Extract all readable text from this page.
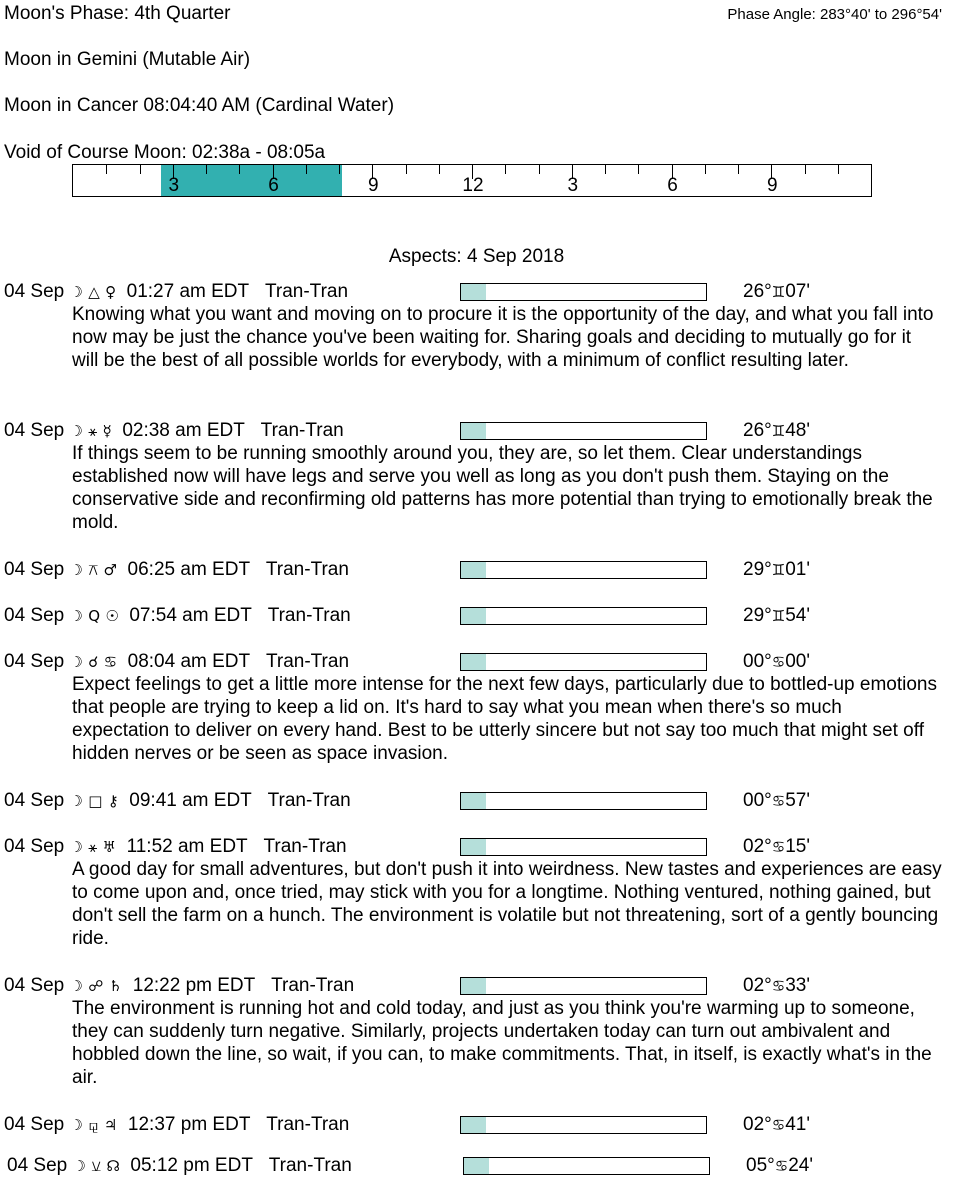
Moon's Phase: 4th Quarter	Phase Angle: 283°40' to 296°54'
Moon in Gemini (Mutable Air)
Moon in Cancer 08:04:40 AM (Cardinal Water)
Void of Course Moon: 02:38a - 08:05a
3	6	9	12	3	6	9
Aspects: 4 Sep 2018
04 Sep ☽ △ ♀ 01:27 am EDT Tran-Tran	26°♊07'
Knowing what you want and moving on to procure it is the opportunity of the day, and what you fall into now may be just the chance you've been waiting for. Sharing goals and deciding to mutually go for it will be the best of all possible worlds for everybody, with a minimum of conflict resulting later.
04 Sep ☽ ⚹ ☿ 02:38 am EDT Tran-Tran	26°♊48'
If things seem to be running smoothly around you, they are, so let them. Clear understandings established now will have legs and serve you well as long as you don't push them. Staying on the conservative side and reconfirming old patterns has more potential than trying to emotionally break the mold.
04 Sep ☽ ⚻ ♂ 06:25 am EDT Tran-Tran	29°♊01'
04 Sep ☽ Q ☉ 07:54 am EDT Tran-Tran	29°♊54'
04 Sep ☽ ☌ ♋ 08:04 am EDT Tran-Tran	00°♋00'
Expect feelings to get a little more intense for the next few days, particularly due to bottled-up emotions that people are trying to keep a lid on. It's hard to say what you mean when there's so much expectation to deliver on every hand. Best to be utterly sincere but not say too much that might set off hidden nerves or be seen as space invasion.
04 Sep ☽ □ ⚷ 09:41 am EDT Tran-Tran	00°♋57'
04 Sep ☽ ⚹ ♅ 11:52 am EDT Tran-Tran	02°♋15'
A good day for small adventures, but don't push it into weirdness. New tastes and experiences are easy to come upon and, once tried, may stick with you for a longtime. Nothing ventured, nothing gained, but don't sell the farm on a hunch. The environment is volatile but not threatening, sort of a gently bouncing ride.
04 Sep ☽ ☍ ♄ 12:22 pm EDT Tran-Tran	02°♋33'
The environment is running hot and cold today, and just as you think you're warming up to someone, they can suddenly turn negative. Similarly, projects undertaken today can turn out ambivalent and hobbled down the line, so wait, if you can, to make commitments. That, in itself, is exactly what's in the air.
04 Sep ☽ ⚼ ♃ 12:37 pm EDT Tran-Tran	02°♋41'
04 Sep ☽ ⚺ ☊ 05:12 pm EDT Tran-Tran	05°♋24'
